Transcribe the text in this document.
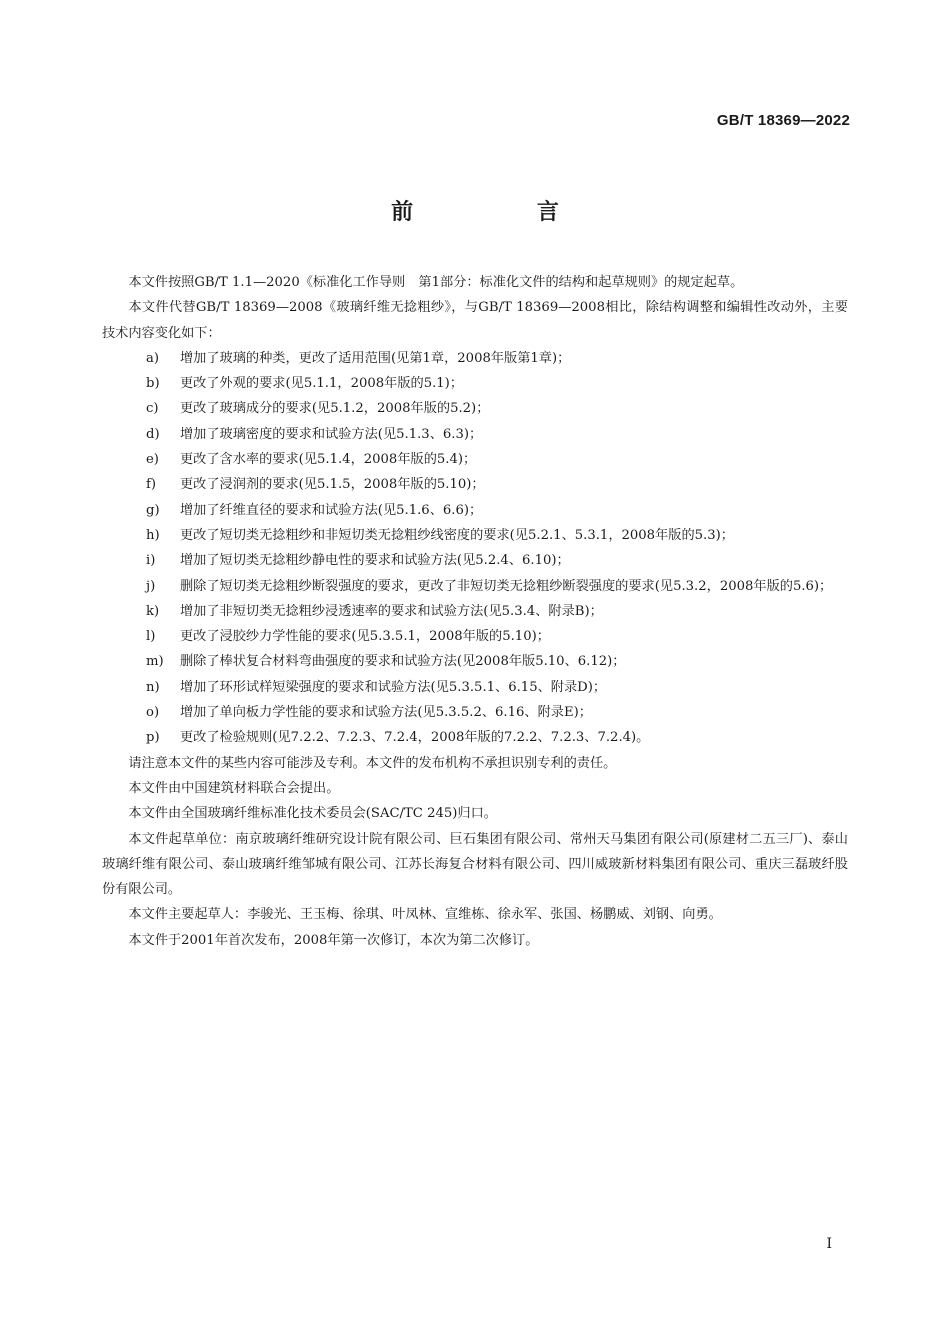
GB/T 18369—2022
前 言

本文件按照GB/T 1.1—2020《标准化工作导则　第1部分：标准化文件的结构和起草规则》的规定起草。

本文件代替GB/T 18369—2008《玻璃纤维无捻粗纱》，与GB/T 18369—2008相比，除结构调整和编辑性改动外，主要技术内容变化如下：

a)	增加了玻璃的种类，更改了适用范围(见第1章，2008年版第1章)；
b)	更改了外观的要求(见5.1.1，2008年版的5.1)；
c)	更改了玻璃成分的要求(见5.1.2，2008年版的5.2)；
d)	增加了玻璃密度的要求和试验方法(见5.1.3、6.3)；
e)	更改了含水率的要求(见5.1.4，2008年版的5.4)；
f)	更改了浸润剂的要求(见5.1.5，2008年版的5.10)；
g)	增加了纤维直径的要求和试验方法(见5.1.6、6.6)；
h)	更改了短切类无捻粗纱和非短切类无捻粗纱线密度的要求(见5.2.1、5.3.1，2008年版的5.3)；
i)	增加了短切类无捻粗纱静电性的要求和试验方法(见5.2.4、6.10)；
j)	删除了短切类无捻粗纱断裂强度的要求，更改了非短切类无捻粗纱断裂强度的要求(见5.3.2，2008年版的5.6)；
k)	增加了非短切类无捻粗纱浸透速率的要求和试验方法(见5.3.4、附录B)；
l)	更改了浸胶纱力学性能的要求(见5.3.5.1，2008年版的5.10)；
m)	删除了棒状复合材料弯曲强度的要求和试验方法(见2008年版5.10、6.12)；
n)	增加了环形试样短梁强度的要求和试验方法(见5.3.5.1、6.15、附录D)；
o)	增加了单向板力学性能的要求和试验方法(见5.3.5.2、6.16、附录E)；
p)	更改了检验规则(见7.2.2、7.2.3、7.2.4，2008年版的7.2.2、7.2.3、7.2.4)。

请注意本文件的某些内容可能涉及专利。本文件的发布机构不承担识别专利的责任。

本文件由中国建筑材料联合会提出。

本文件由全国玻璃纤维标准化技术委员会(SAC/TC 245)归口。

本文件起草单位：南京玻璃纤维研究设计院有限公司、巨石集团有限公司、常州天马集团有限公司(原建材二五三厂)、泰山玻璃纤维有限公司、泰山玻璃纤维邹城有限公司、江苏长海复合材料有限公司、四川威玻新材料集团有限公司、重庆三磊玻纤股份有限公司。

本文件主要起草人：李骏光、王玉梅、徐琪、叶凤林、宣维栋、徐永军、张国、杨鹏威、刘钢、向勇。

本文件于2001年首次发布，2008年第一次修订，本次为第二次修订。

I
